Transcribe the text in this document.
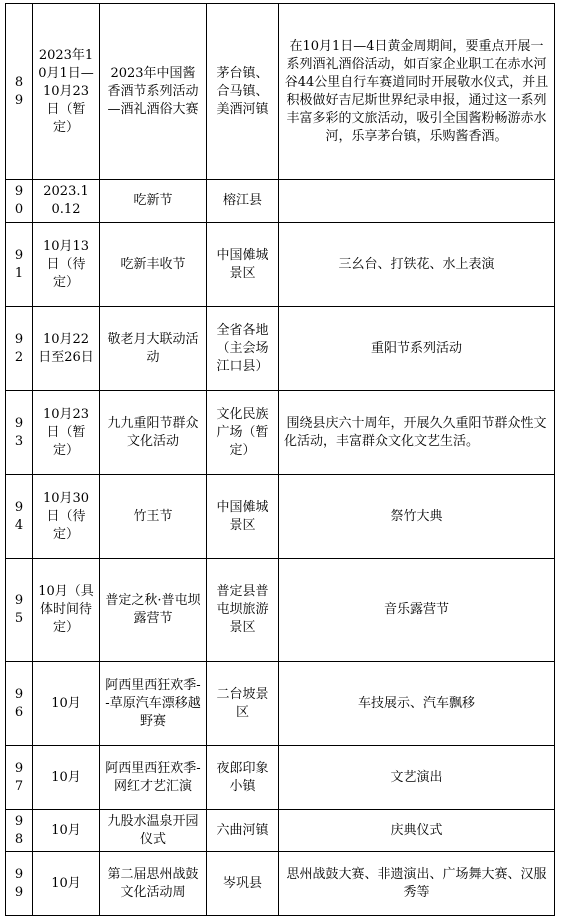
89	2023年10月1日—10月23日（暂定）	2023年中国酱香酒节系列活动—酒礼酒俗大赛	茅台镇、合马镇、美酒河镇	在10月1日—4日黄金周期间，要重点开展一系列酒礼酒俗活动，如百家企业职工在赤水河谷44公里自行车赛道同时开展敬水仪式，并且积极做好吉尼斯世界纪录申报，通过这一系列丰富多彩的文旅活动，吸引全国酱粉畅游赤水河，乐享茅台镇，乐购酱香酒。
90	2023.10.12	吃新节	榕江县	
91	10月13日（待定）	吃新丰收节	中国傩城景区	三幺台、打铁花、水上表演
92	10月22日至26日	敬老月大联动活动	全省各地（主会场江口县）	重阳节系列活动
93	10月23日（暂定）	九九重阳节群众文化活动	文化民族广场（暂定）	围绕县庆六十周年，开展久久重阳节群众性文化活动，丰富群众文化文艺生活。
94	10月30日（待定）	竹王节	中国傩城景区	祭竹大典
95	10月（具体时间待定）	普定之秋·普屯坝露营节	普定县普屯坝旅游景区	音乐露营节
96	10月	阿西里西狂欢季--草原汽车漂移越野赛	二台坡景区	车技展示、汽车飘移
97	10月	阿西里西狂欢季-网红才艺汇演	夜郎印象小镇	文艺演出
98	10月	九股水温泉开园仪式	六曲河镇	庆典仪式
99	10月	第二届思州战鼓文化活动周	岑巩县	思州战鼓大赛、非遗演出、广场舞大赛、汉服秀等
